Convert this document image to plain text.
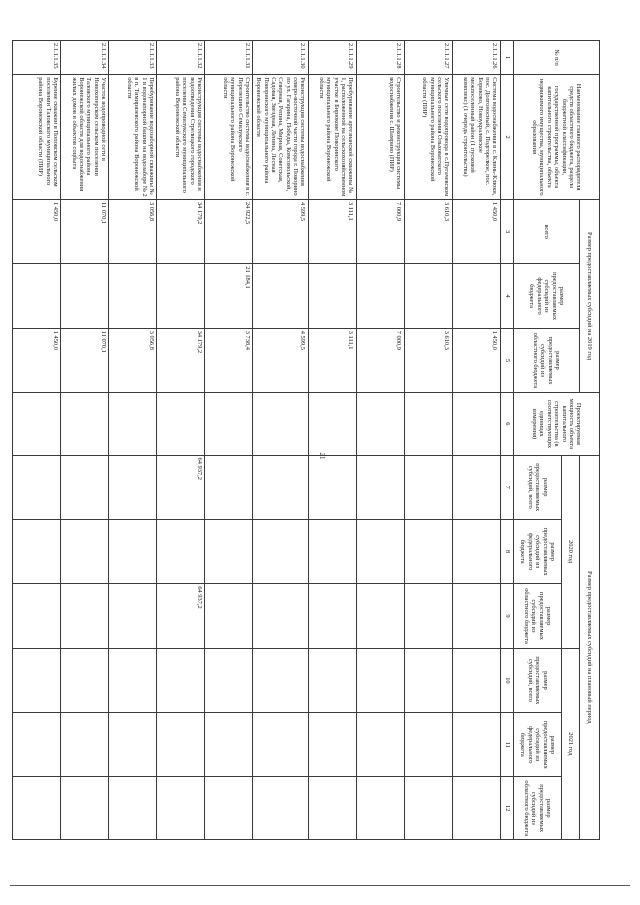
21
№ п/п	Наименование главного распорядителя средств областного бюджета, раздела бюджетной классификации, государственной программы, объекта капитального строительства, объекта недвижимого имущества, муниципального образования	Размер предоставляемых субсидий на 2019 год			Проектируемая мощность объекта капитального строительства (в соответствующих единицах измерения)	Размер предоставляемых субсидий на плановый период					
		всего	размер предоставляемых субсидий из федерального бюджета	размер предоставляемых субсидий из областного бюджета		2020 год			2021 год		
						размер предоставляемых субсидий, всего	размер предоставляемых субсидий из федерального бюджета	размер предоставляемых субсидий из областного бюджета	размер предоставляемых субсидий, всего	размер предоставляемых субсидий из федерального бюджета	размер предоставляемых субсидий из областного бюджета
1	2	3	4	5	6	7	8	9	10	11	12
2.1.1.1.26	Система водоснабжения в с. Клинь-Клюки, пос. Долгоносный, с. Подгорелкое, пос. Бориково, Новоукралевское межпоселенный район (1 пусковой комплекс) (1 очередь строительства)	1 450,0		1 450,0							
2.1.1.1.27	Уличные сети водопровода в с.Пугачевском сельского поселения Ольховатского муниципального района Воронежской области (ПИР)	3 610,3		3 610,3							
2.1.1.1.28	Строительство и реконструкция системы водоснабжения с. Шамрино (ПИР)	7 000,9		7 000,9							
2.1.1.1.29	Перебуривание артезианской скважины № 1, расположенной на сельскохозяйственном участке в Бирюкове Поворинского муниципального района Воронежской области	3 111,1		3 111,1							
2.1.1.1.30	Реконструкция системы водоснабжения северо-восточной части города г. Поворино по ул. Гагарина, Победы, Комсомольской, Северная, Репина, Мирная, Советская, Садовая, Звездная, Ленина, Лесная Поворинского муниципального района Воронежской области	4 599,5		4 599,5							
2.1.1.1.31	Строительство системы водоснабжения в с. Перелешино Семилукского муниципального района Воронежской области	24 922,5	21 184,1	3 738,4							
2.1.1.1.32	Реконструкция системы водоснабжения и водоотведения Стрелицкого городского поселения Семилукского муниципального района Воронежской области	34 179,2		34 179,2		64 937,2		64 937,2			
2.1.1.1.33	Перебуривание водозаборной скважины № 1 в водонапорной башни на водозаборе № 2 в п. Тимирязевского района Воронежской области	3 056,8		3 056,8							
2.1.1.1.34	Участок водопроводной сети в Новохоперском сельском поселении Таловского муниципального района Воронежской области для водоснабжения жилых домов и объектов соцбыта	11 070,1		11 070,1							
2.1.1.1.35	Бурение скважин в Поповском сельском поселении Таловского муниципального района Воронежской области (ПИР)	1 450,0		1 450,0							
